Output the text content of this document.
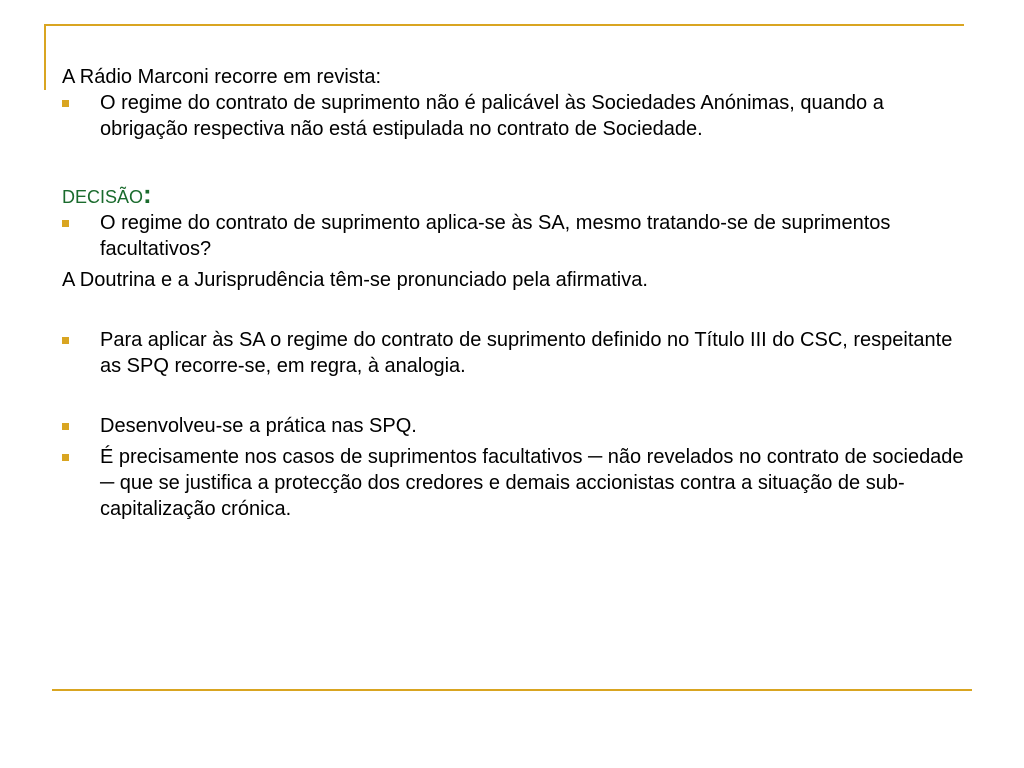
A Rádio Marconi recorre em revista:

O regime do contrato de suprimento não é palicável às Sociedades Anónimas, quando a obrigação respectiva não está estipulada no contrato de Sociedade.
DECISÃO:
O regime do contrato de suprimento aplica-se às SA, mesmo tratando-se de suprimentos facultativos?

A Doutrina e a Jurisprudência têm-se pronunciado pela afirmativa.

Para aplicar às SA o regime do contrato de suprimento definido no Título III do CSC, respeitante as SPQ recorre-se, em regra, à analogia.
Desenvolveu-se a prática nas SPQ.
É precisamente nos casos de suprimentos facultativos ─ não revelados no contrato de sociedade ─ que se justifica a protecção dos credores e demais accionistas contra a situação de sub-capitalização crónica.
